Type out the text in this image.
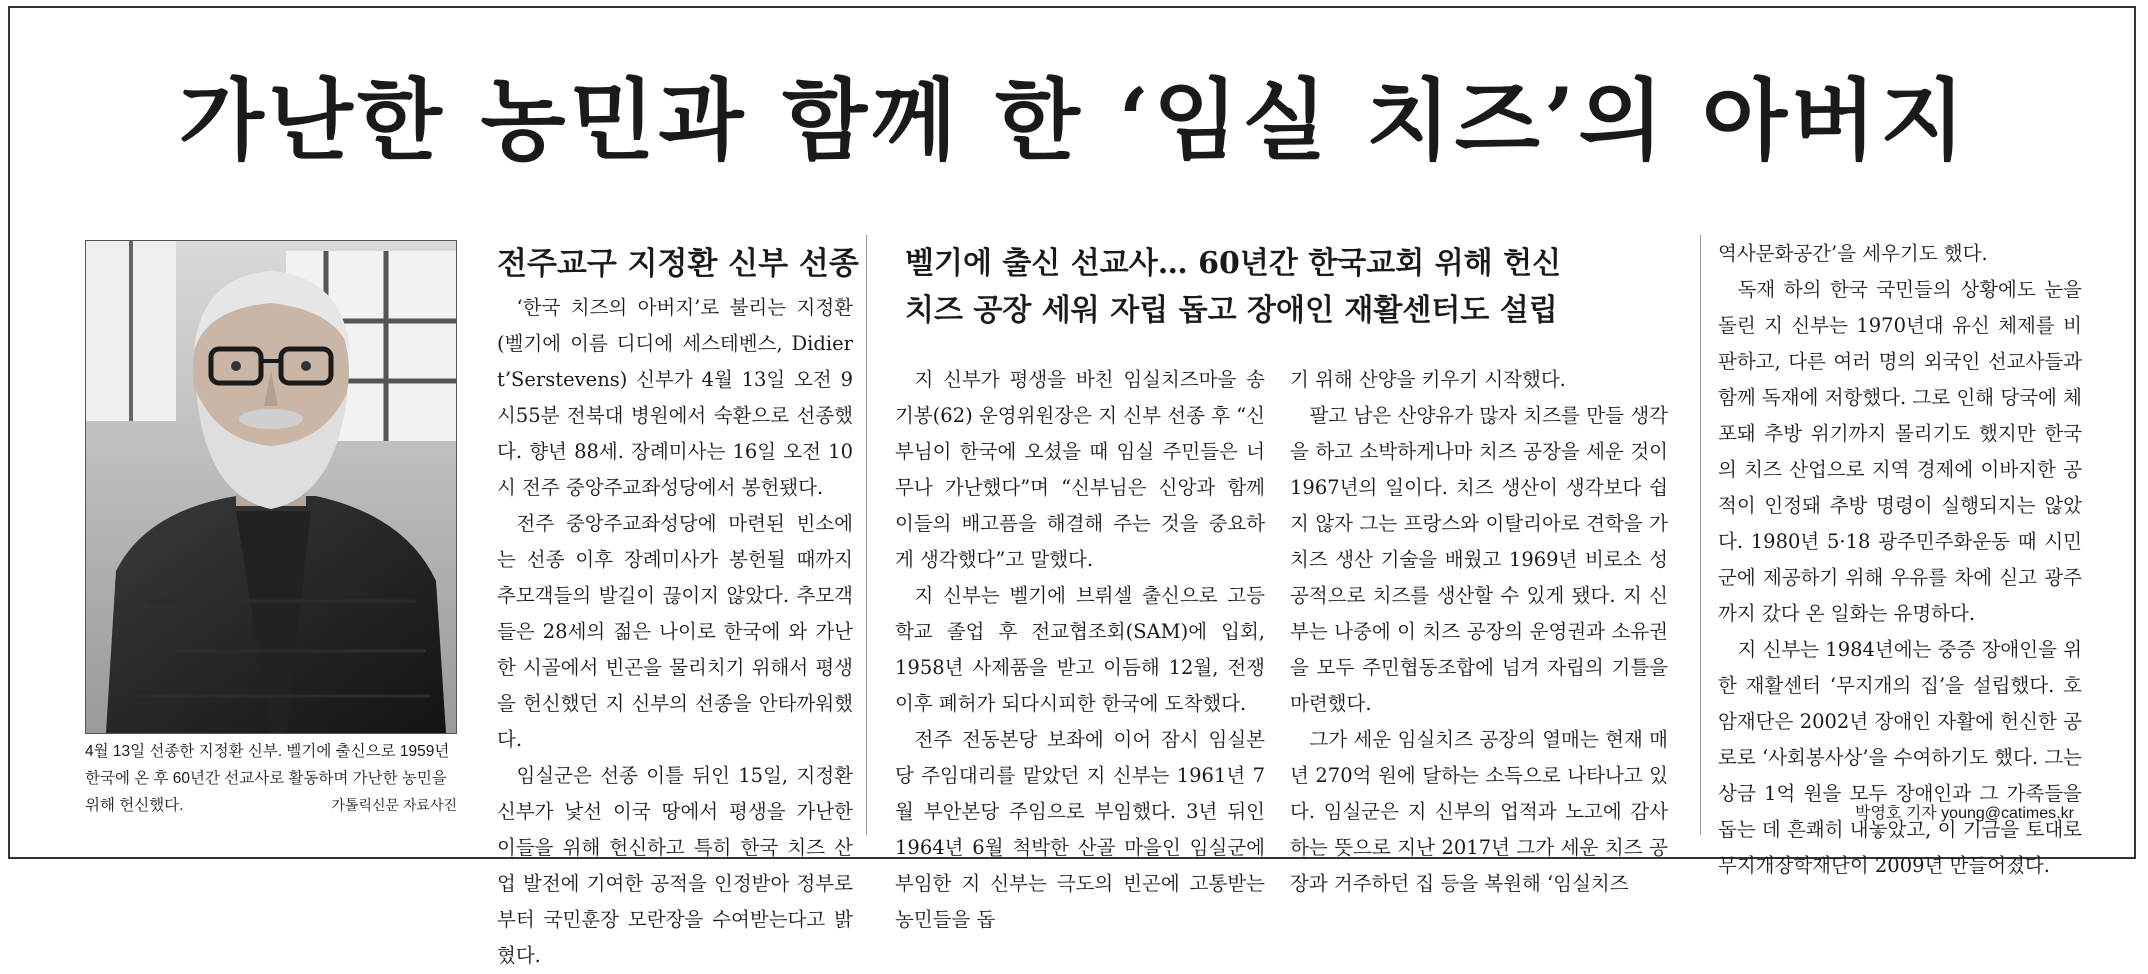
가난한 농민과 함께 한 ‘임실 치즈’의 아버지
4월 13일 선종한 지정환 신부. 벨기에 출신으로 1959년 한국에 온 후 60년간 선교사로 활동하며 가난한 농민을 위해 헌신했다.	가톨릭신문 자료사진
전주교구 지정환 신부 선종 벨기에 출신 선교사… 60년간 한국교회 위해 헌신
치즈 공장 세워 자립 돕고 장애인 재활센터도 설립

‘한국 치즈의 아버지’로 불리는 지정환(벨기에 이름 디디에 세스테벤스, Didier t’Serstevens) 신부가 4월 13일 오전 9시55분 전북대 병원에서 숙환으로 선종했다. 향년 88세. 장례미사는 16일 오전 10시 전주 중앙주교좌성당에서 봉헌됐다.

전주 중앙주교좌성당에 마련된 빈소에는 선종 이후 장례미사가 봉헌될 때까지 추모객들의 발길이 끊이지 않았다. 추모객들은 28세의 젊은 나이로 한국에 와 가난한 시골에서 빈곤을 물리치기 위해서 평생을 헌신했던 지 신부의 선종을 안타까워했다.

임실군은 선종 이틀 뒤인 15일, 지정환 신부가 낯선 이국 땅에서 평생을 가난한 이들을 위해 헌신하고 특히 한국 치즈 산업 발전에 기여한 공적을 인정받아 정부로부터 국민훈장 모란장을 수여받는다고 밝혔다.

지 신부가 평생을 바친 임실치즈마을 송기봉(62) 운영위원장은 지 신부 선종 후 “신부님이 한국에 오셨을 때 임실 주민들은 너무나 가난했다”며 “신부님은 신앙과 함께 이들의 배고픔을 해결해 주는 것을 중요하게 생각했다”고 말했다.

지 신부는 벨기에 브뤼셀 출신으로 고등학교 졸업 후 전교협조회(SAM)에 입회, 1958년 사제품을 받고 이듬해 12월, 전쟁 이후 폐허가 되다시피한 한국에 도착했다.

전주 전동본당 보좌에 이어 잠시 임실본당 주임대리를 맡았던 지 신부는 1961년 7월 부안본당 주임으로 부임했다. 3년 뒤인 1964년 6월 척박한 산골 마을인 임실군에 부임한 지 신부는 극도의 빈곤에 고통받는 농민들을 돕

기 위해 산양을 키우기 시작했다.

팔고 남은 산양유가 많자 치즈를 만들 생각을 하고 소박하게나마 치즈 공장을 세운 것이 1967년의 일이다. 치즈 생산이 생각보다 쉽지 않자 그는 프랑스와 이탈리아로 견학을 가 치즈 생산 기술을 배웠고 1969년 비로소 성공적으로 치즈를 생산할 수 있게 됐다. 지 신부는 나중에 이 치즈 공장의 운영권과 소유권을 모두 주민협동조합에 넘겨 자립의 기틀을 마련했다.

그가 세운 임실치즈 공장의 열매는 현재 매년 270억 원에 달하는 소득으로 나타나고 있다. 임실군은 지 신부의 업적과 노고에 감사하는 뜻으로 지난 2017년 그가 세운 치즈 공장과 거주하던 집 등을 복원해 ‘임실치즈

역사문화공간’을 세우기도 했다.

독재 하의 한국 국민들의 상황에도 눈을 돌린 지 신부는 1970년대 유신 체제를 비판하고, 다른 여러 명의 외국인 선교사들과 함께 독재에 저항했다. 그로 인해 당국에 체포돼 추방 위기까지 몰리기도 했지만 한국의 치즈 산업으로 지역 경제에 이바지한 공적이 인정돼 추방 명령이 실행되지는 않았다. 1980년 5·18 광주민주화운동 때 시민군에 제공하기 위해 우유를 차에 싣고 광주까지 갔다 온 일화는 유명하다.

지 신부는 1984년에는 중증 장애인을 위한 재활센터 ‘무지개의 집’을 설립했다. 호암재단은 2002년 장애인 자활에 헌신한 공로로 ‘사회봉사상’을 수여하기도 했다. 그는 상금 1억 원을 모두 장애인과 그 가족들을 돕는 데 흔쾌히 내놓았고, 이 기금을 토대로 무지개장학재단이 2009년 만들어졌다.

박영호 기자 young@catimes.kr
